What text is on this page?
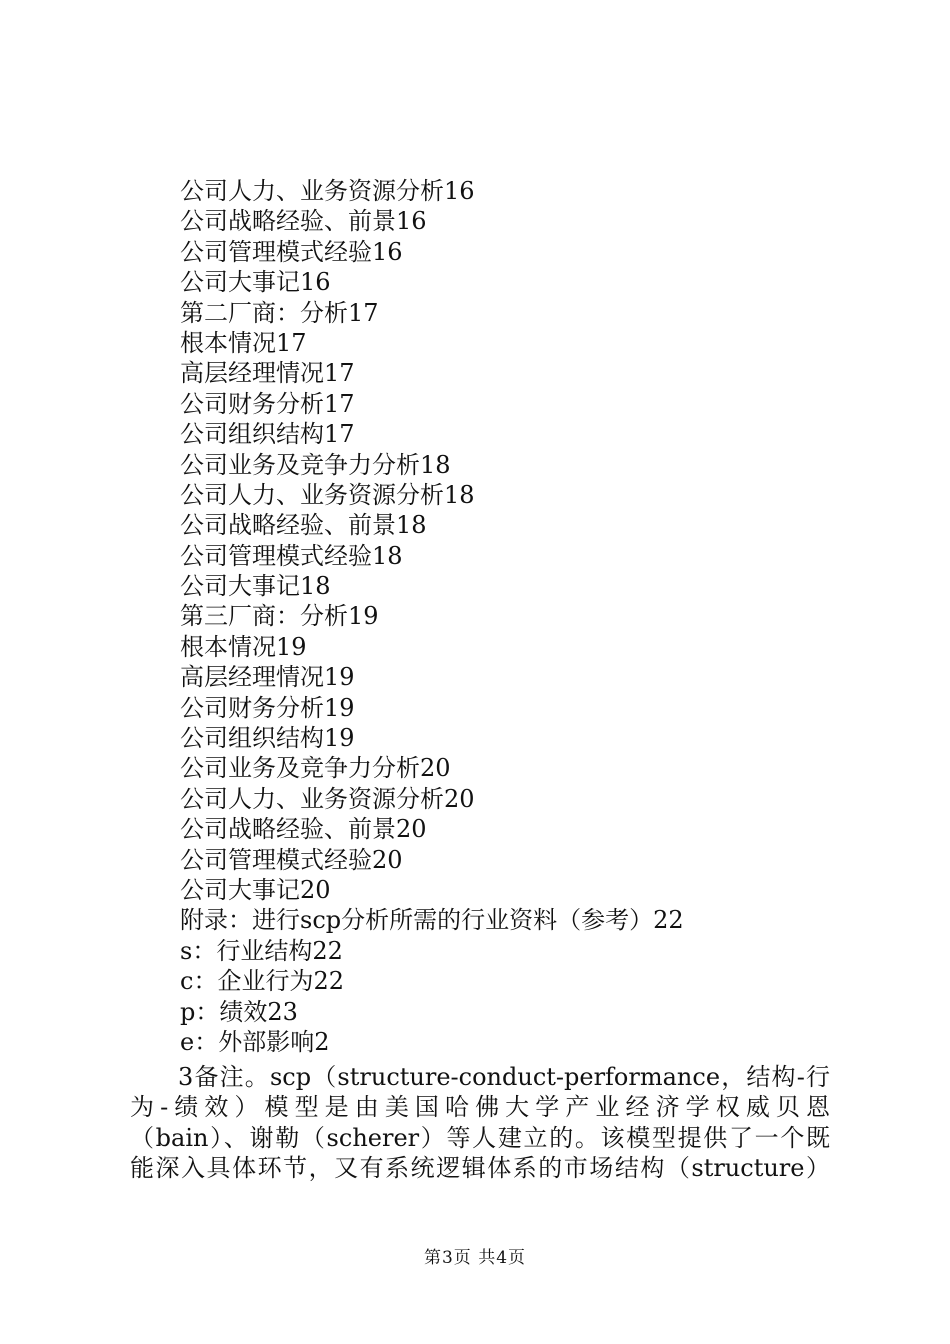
公司人力、业务资源分析16
公司战略经验、前景16
公司管理模式经验16
公司大事记16
第二厂商：分析17
根本情况17
高层经理情况17
公司财务分析17
公司组织结构17
公司业务及竞争力分析18
公司人力、业务资源分析18
公司战略经验、前景18
公司管理模式经验18
公司大事记18
第三厂商：分析19
根本情况19
高层经理情况19
公司财务分析19
公司组织结构19
公司业务及竞争力分析20
公司人力、业务资源分析20
公司战略经验、前景20
公司管理模式经验20
公司大事记20
附录：进行scp分析所需的行业资料（参考）22
s：行业结构22
c：企业行为22
p：绩效23
e：外部影响2
3备注。scp（structure-conduct-performance，结构-行
为-绩效）模型是由美国哈佛大学产业经济学权威贝恩
（bain）、谢勒（scherer）等人建立的。该模型提供了一个既
能深入具体环节，又有系统逻辑体系的市场结构（structure）
第3页 共4页
